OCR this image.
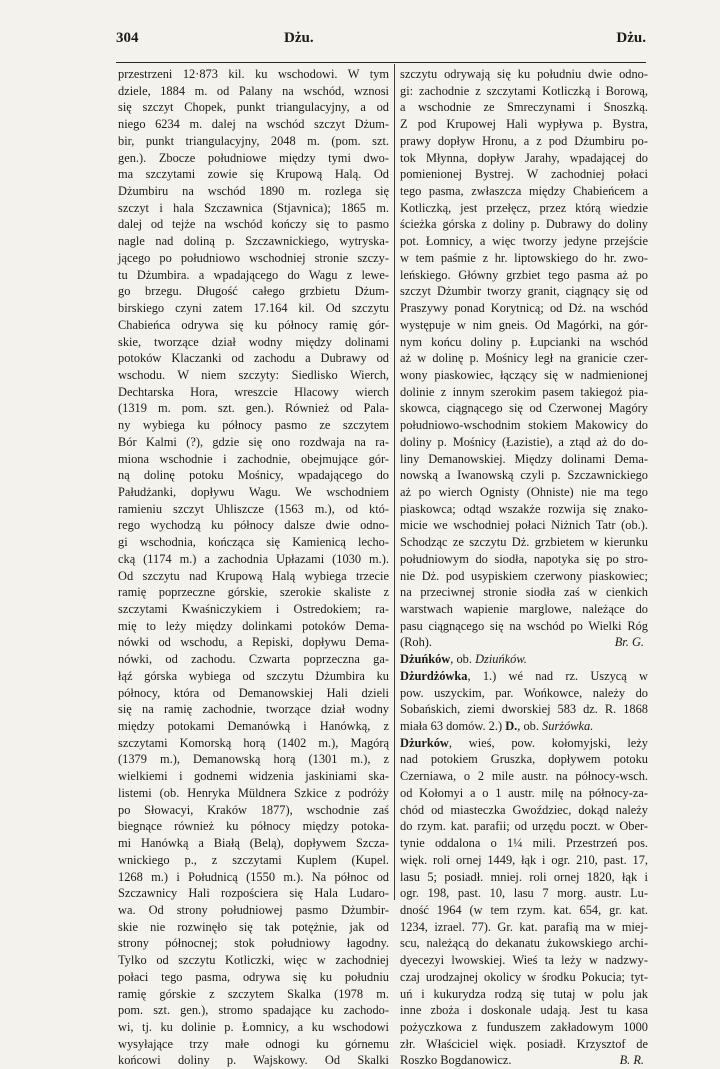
304	Dżu.	Dżu.
przestrzeni 12·873 kil. ku wschodowi. W tym
dziele, 1884 m. od Palany na wschód, wznosi
się szczyt Chopek, punkt triangulacyjny, a od
niego 6234 m. dalej na wschód szczyt Dżum-
bir, punkt triangulacyjny, 2048 m. (pom. szt.
gen.). Zbocze południowe między tymi dwo-
ma szczytami zowie się Krupową Halą. Od
Dżumbiru na wschód 1890 m. rozlega się
szczyt i hala Szczawnica (Stjavnica); 1865 m.
dalej od tejże na wschód kończy się to pasmo
nagle nad doliną p. Szczawnickiego, wytryska-
jącego po południowo wschodniej stronie szczy-
tu Dżumbira. a wpadającego do Wagu z lewe-
go brzegu. Długość całego grzbietu Dżum-
birskiego czyni zatem 17.164 kil. Od szczytu
Chabieńca odrywa się ku północy ramię gór-
skie, tworzące dział wodny między dolinami
potoków Klaczanki od zachodu a Dubrawy od
wschodu. W niem szczyty: Siedlisko Wierch,
Dechtarska Hora, wreszcie Hlacowy wierch
(1319 m. pom. szt. gen.). Również od Pala-
ny wybiega ku północy pasmo ze szczytem
Bór Kalmi (?), gdzie się ono rozdwaja na ra-
miona wschodnie i zachodnie, obejmujące gór-
ną dolinę potoku Mośnicy, wpadającego do
Pałudżanki, dopływu Wagu. We wschodniem
ramieniu szczyt Uhliszcze (1563 m.), od któ-
rego wychodzą ku północy dalsze dwie odno-
gi wschodnia, kończąca się Kamienicą lecho-
cką (1174 m.) a zachodnia Upłazami (1030 m.).
Od szczytu nad Krupową Halą wybiega trzecie
ramię poprzeczne górskie, szerokie skaliste z
szczytami Kwaśniczykiem i Ostredokiem; ra-
mię to leży między dolinkami potoków Dema-
nówki od wschodu, a Repiski, dopływu Dema-
nówki, od zachodu. Czwarta poprzeczna ga-
łąź górska wybiega od szczytu Dżumbira ku
północy, która od Demanowskiej Hali dzieli
się na ramię zachodnie, tworzące dział wodny
między potokami Demanówką i Hanówką, z
szczytami Komorską horą (1402 m.), Magórą
(1379 m.), Demanowską horą (1301 m.), z
wielkiemi i godnemi widzenia jaskiniami ska-
listemi (ob. Henryka Müldnera Szkice z podróży
po Słowacyi, Kraków 1877), wschodnie zaś
biegnące również ku północy między potoka-
mi Hanówką a Białą (Belą), dopływem Szcza-
wnickiego p., z szczytami Kuplem (Kupel.
1268 m.) i Południcą (1550 m.). Na północ od
Szczawnicy Hali rozpościera się Hala Ludaro-
wa. Od strony południowej pasmo Dżumbir-
skie nie rozwinęło się tak potężnie, jak od
strony północnej; stok południowy łagodny.
Tylko od szczytu Kotliczki, więc w zachodniej
połaci tego pasma, odrywa się ku południu
ramię górskie z szczytem Skalka (1978 m.
pom. szt. gen.), stromo spadające ku zachodo-
wi, tj. ku dolinie p. Łomnicy, a ku wschodowi
wysyłające trzy małe odnogi ku górnemu
końcowi doliny p. Wajskowy. Od Skalki
szczytu odrywają się ku południu dwie odno-
gi: zachodnie z szczytami Kotliczką i Borową,
a wschodnie ze Smreczynami i Snoszką.
Z pod Krupowej Hali wypływa p. Bystra,
prawy dopływ Hronu, a z pod Dżumbiru po-
tok Młynna, dopływ Jarahy, wpadającej do
pomienionej Bystrej. W zachodniej połaci
tego pasma, zwłaszcza między Chabieńcem a
Kotliczką, jest przełęcz, przez którą wiedzie
ścieżka górska z doliny p. Dubrawy do doliny
pot. Łomnicy, a więc tworzy jedyne przejście
w tem paśmie z hr. liptowskiego do hr. zwo-
leńskiego. Główny grzbiet tego pasma aż po
szczyt Dżumbir tworzy granit, ciągnący się od
Praszywy ponad Korytnicą; od Dż. na wschód
występuje w nim gneis. Od Magórki, na gór-
nym końcu doliny p. Łupcianki na wschód
aż w dolinę p. Mośnicy legł na granicie czer-
wony piaskowiec, łączący się w nadmienionej
dolinie z innym szerokim pasem takiegoż pia-
skowca, ciągnącego się od Czerwonej Magóry
południowo-wschodnim stokiem Makowicy do
doliny p. Mośnicy (Łazistie), a ztąd aż do do-
liny Demanowskiej. Między dolinami Dema-
nowską a Iwanowską czyli p. Szczawnickiego
aż po wierch Ognisty (Ohniste) nie ma tego
piaskowca; odtąd wszakże rozwija się znako-
micie we wschodniej połaci Niżnich Tatr (ob.).
Schodząc ze szczytu Dż. grzbietem w kierunku
południowym do siodła, napotyka się po stro-
nie Dż. pod usypiskiem czerwony piaskowiec;
na przeciwnej stronie siodła zaś w cienkich
warstwach wapienie marglowe, należące do
pasu ciągnącego się na wschód po Wielki Róg
(Roh).	Br. G.
Dżuńków, ob. Dziuńków.
Dżurdżówka, 1.) wé nad rz. Uszycą w
pow. uszyckim, par. Wońkowce, należy do
Sobańskich, ziemi dworskiej 583 dz. R. 1868
miała 63 domów. 2.) D., ob. Surżówka.
Dżurków, wieś, pow. kołomyjski, leży
nad potokiem Gruszka, dopływem potoku
Czerniawa, o 2 mile austr. na północy-wsch.
od Kołomyi a o 1 austr. milę na północy-za-
chód od miasteczka Gwoździec, dokąd należy
do rzym. kat. parafii; od urzędu poczt. w Ober-
tynie oddalona o 1¼ mili. Przestrzeń pos.
więk. roli ornej 1449, łąk i ogr. 210, past. 17,
lasu 5; posiadł. mniej. roli ornej 1820, łąk i
ogr. 198, past. 10, lasu 7 morg. austr. Lu-
dność 1964 (w tem rzym. kat. 654, gr. kat.
1234, izrael. 77). Gr. kat. parafią ma w miej-
scu, należącą do dekanatu żukowskiego archi-
dyecezyi lwowskiej. Wieś ta leży w nadzwy-
czaj urodzajnej okolicy w środku Pokucia; tyt-
uń i kukurydza rodzą się tutaj w polu jak
inne zboża i doskonale udają. Jest tu kasa
pożyczkowa z funduszem zakładowym 1000
złr. Właściciel więk. posiadł. Krzysztof de
Roszko Bogdanowicz.	B. R.
